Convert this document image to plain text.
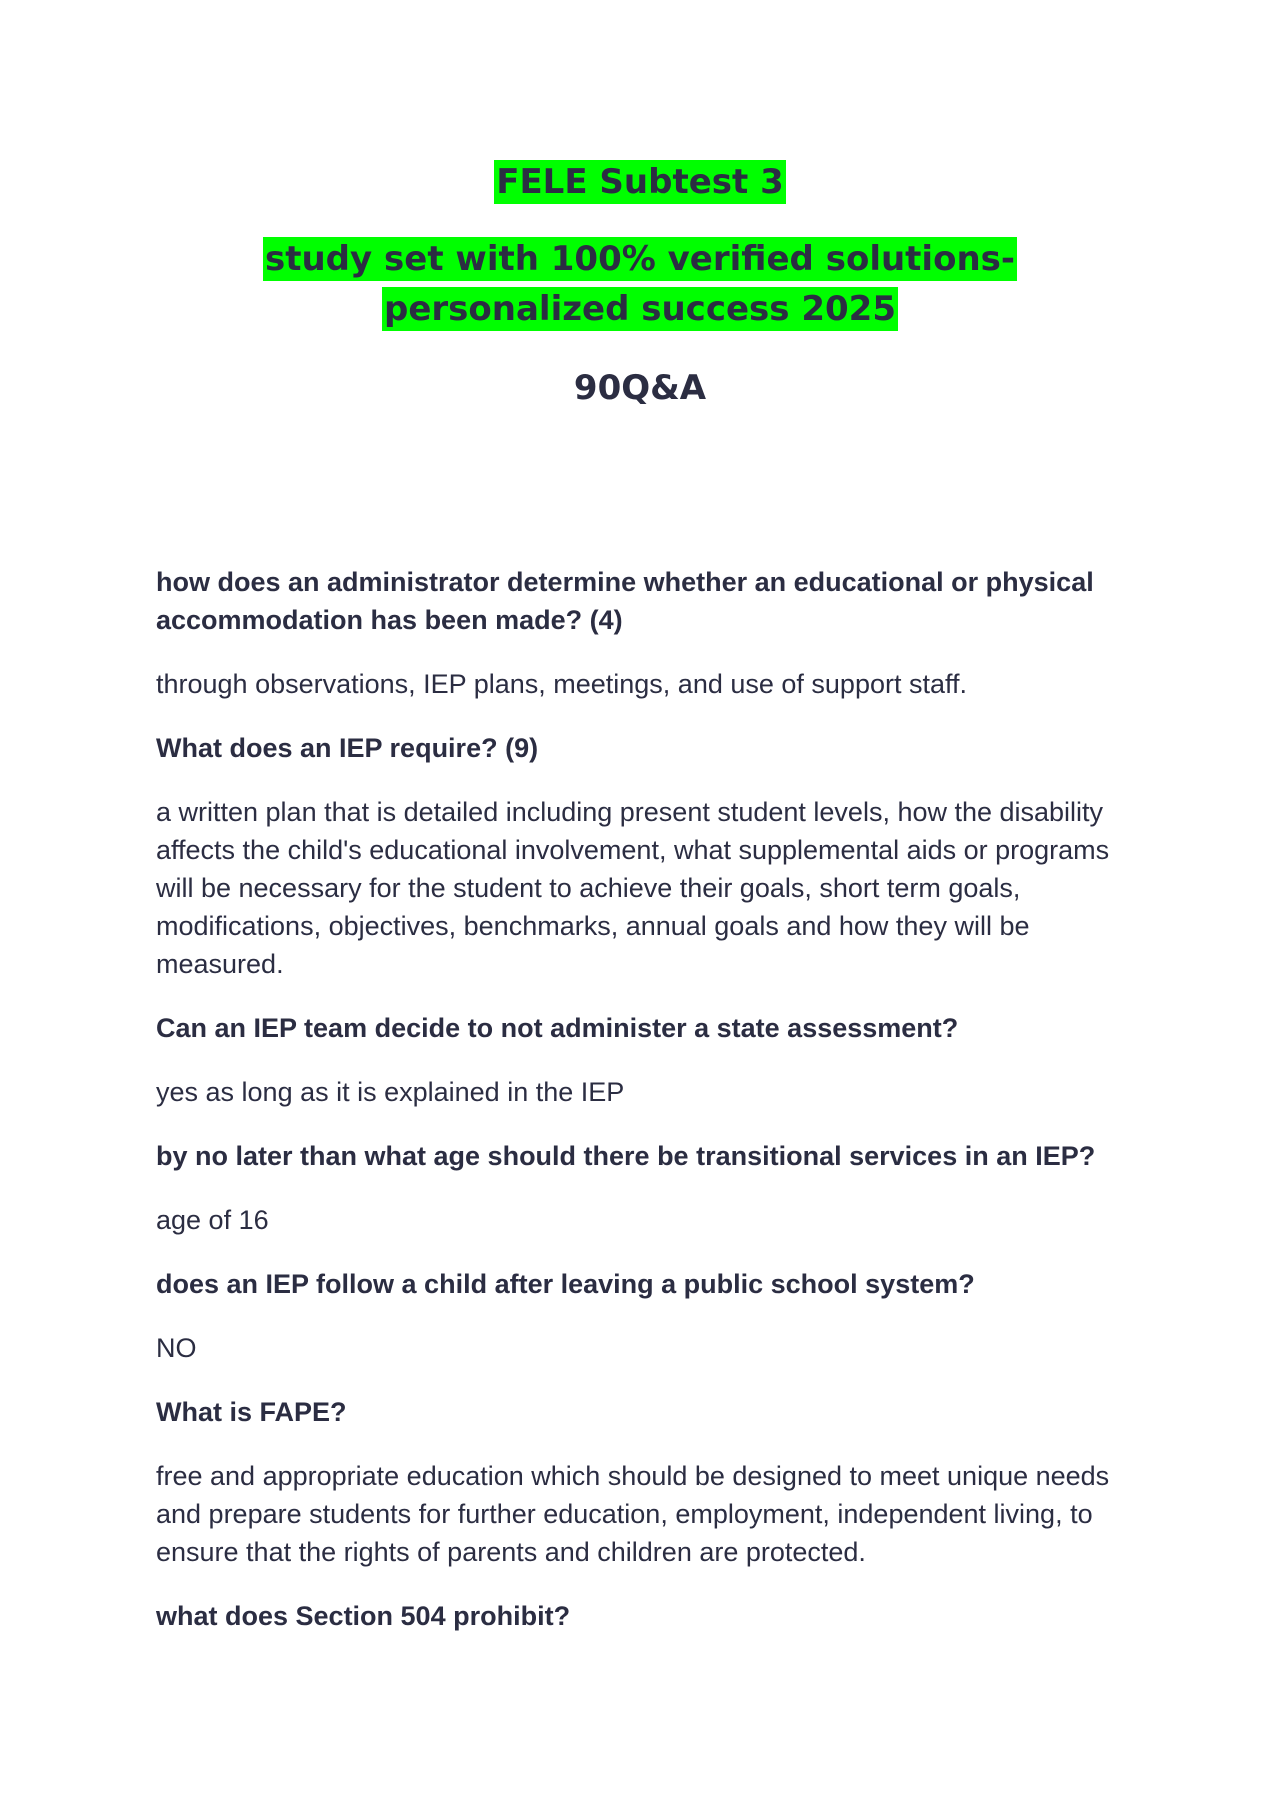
FELE Subtest 3
study set with 100% verified solutions-personalized success 2025
90Q&A
how does an administrator determine whether an educational or physical accommodation has been made? (4)
through observations, IEP plans, meetings, and use of support staff.
What does an IEP require? (9)
a written plan that is detailed including present student levels, how the disability affects the child's educational involvement, what supplemental aids or programs will be necessary for the student to achieve their goals, short term goals, modifications, objectives, benchmarks, annual goals and how they will be measured.
Can an IEP team decide to not administer a state assessment?
yes as long as it is explained in the IEP
by no later than what age should there be transitional services in an IEP?
age of 16
does an IEP follow a child after leaving a public school system?
NO
What is FAPE?
free and appropriate education which should be designed to meet unique needs and prepare students for further education, employment, independent living, to ensure that the rights of parents and children are protected.
what does Section 504 prohibit?
